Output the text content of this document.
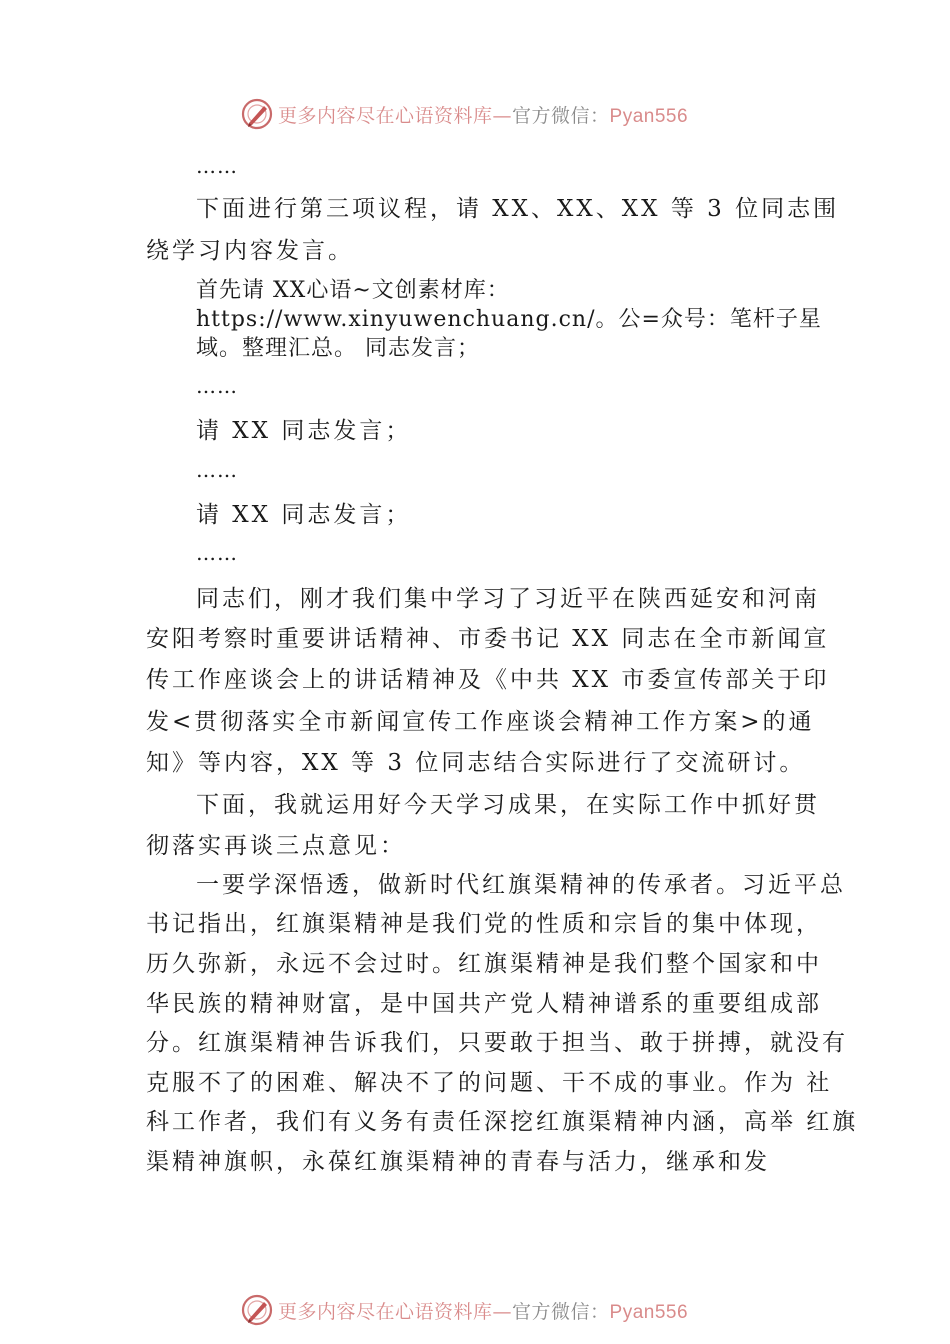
更多内容尽在心语资料库—官方微信：Pyan556
……
下面进行第三项议程，请 XX、XX、XX 等 3 位同志围
绕学习内容发言。
首先请 XX心语~文创素材库：
https://www.xinyuwenchuang.cn/。公=众号：笔杆子星
域。整理汇总。 同志发言；
……
请 XX 同志发言；
……
请 XX 同志发言；
……
同志们，刚才我们集中学习了习近平在陕西延安和河南
安阳考察时重要讲话精神、市委书记 XX 同志在全市新闻宣
传工作座谈会上的讲话精神及《中共 XX 市委宣传部关于印
发<贯彻落实全市新闻宣传工作座谈会精神工作方案>的通
知》等内容，XX 等 3 位同志结合实际进行了交流研讨。
下面，我就运用好今天学习成果，在实际工作中抓好贯
彻落实再谈三点意见：
一要学深悟透，做新时代红旗渠精神的传承者。习近平总
书记指出，红旗渠精神是我们党的性质和宗旨的集中体现，
历久弥新，永远不会过时。红旗渠精神是我们整个国家和中
华民族的精神财富，是中国共产党人精神谱系的重要组成部
分。红旗渠精神告诉我们，只要敢于担当、敢于拼搏，就没有
克服不了的困难、解决不了的问题、干不成的事业。作为 社
科工作者，我们有义务有责任深挖红旗渠精神内涵，高举 红旗
渠精神旗帜，永葆红旗渠精神的青春与活力，继承和发
更多内容尽在心语资料库—官方微信：Pyan556
